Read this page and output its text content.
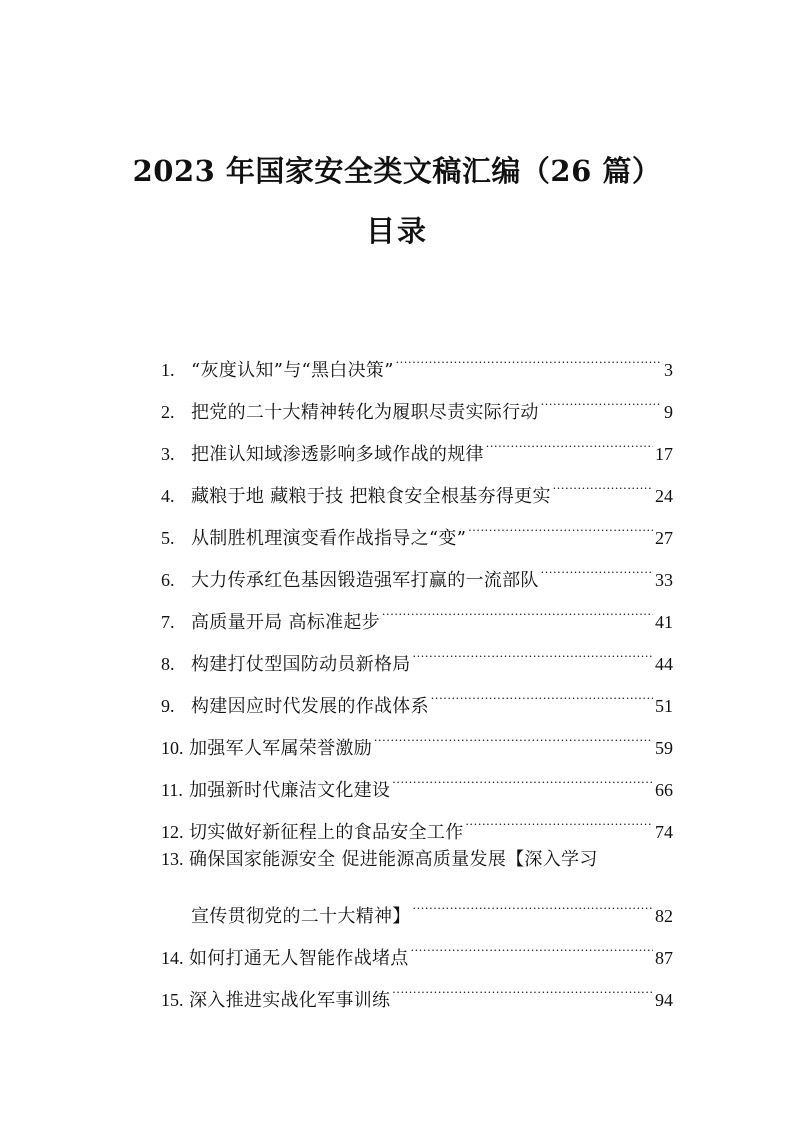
2023 年国家安全类文稿汇编（26 篇）
目录
1. “灰度认知”与“黑白决策” .....	3
2. 把党的二十大精神转化为履职尽责实际行动 .....	9
3. 把准认知域渗透影响多域作战的规律 .....	17
4. 藏粮于地 藏粮于技 把粮食安全根基夯得更实 .....	24
5. 从制胜机理演变看作战指导之“变” .....	27
6. 大力传承红色基因锻造强军打赢的一流部队 .....	33
7. 高质量开局 高标准起步 .....	41
8. 构建打仗型国防动员新格局 .....	44
9. 构建因应时代发展的作战体系 .....	51
10. 加强军人军属荣誉激励 .....	59
11. 加强新时代廉洁文化建设 .....	66
12. 切实做好新征程上的食品安全工作 .....	74
13. 确保国家能源安全 促进能源高质量发展【深入学习
宣传贯彻党的二十大精神】 .....	82
14. 如何打通无人智能作战堵点 .....	87
15. 深入推进实战化军事训练 .....	94
